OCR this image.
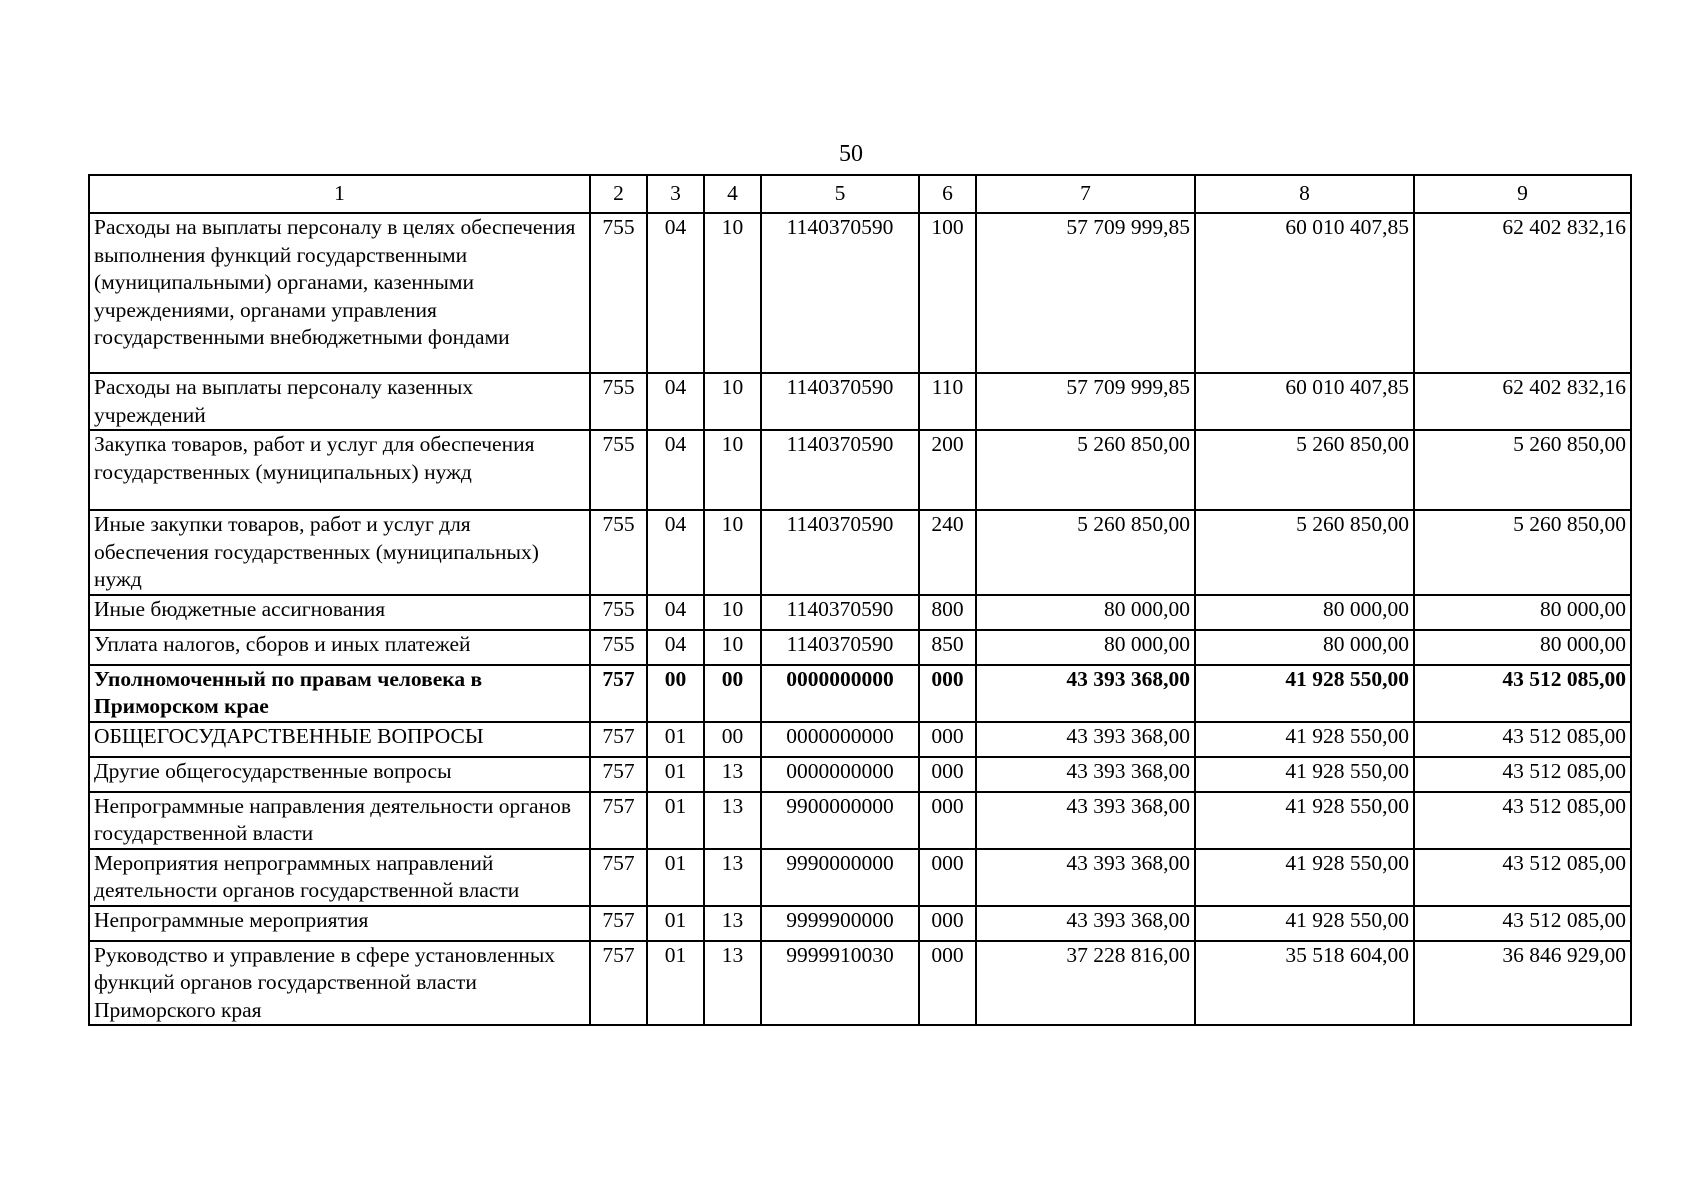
50
1	2	3	4	5	6	7	8	9
Расходы на выплаты персоналу в целях обеспечения выполнения функций государственными (муниципальными) органами, казенными учреждениями, органами управления государственными внебюджетными фондами	755	04	10	1140370590	100	57 709 999,85	60 010 407,85	62 402 832,16
Расходы на выплаты персоналу казенных учреждений	755	04	10	1140370590	110	57 709 999,85	60 010 407,85	62 402 832,16
Закупка товаров, работ и услуг для обеспечения государственных (муниципальных) нужд	755	04	10	1140370590	200	5 260 850,00	5 260 850,00	5 260 850,00
Иные закупки товаров, работ и услуг для обеспечения государственных (муниципальных) нужд	755	04	10	1140370590	240	5 260 850,00	5 260 850,00	5 260 850,00
Иные бюджетные ассигнования	755	04	10	1140370590	800	80 000,00	80 000,00	80 000,00
Уплата налогов, сборов и иных платежей	755	04	10	1140370590	850	80 000,00	80 000,00	80 000,00
Уполномоченный по правам человека в Приморском крае	757	00	00	0000000000	000	43 393 368,00	41 928 550,00	43 512 085,00
ОБЩЕГОСУДАРСТВЕННЫЕ ВОПРОСЫ	757	01	00	0000000000	000	43 393 368,00	41 928 550,00	43 512 085,00
Другие общегосударственные вопросы	757	01	13	0000000000	000	43 393 368,00	41 928 550,00	43 512 085,00
Непрограммные направления деятельности органов государственной власти	757	01	13	9900000000	000	43 393 368,00	41 928 550,00	43 512 085,00
Мероприятия непрограммных направлений деятельности органов государственной власти	757	01	13	9990000000	000	43 393 368,00	41 928 550,00	43 512 085,00
Непрограммные мероприятия	757	01	13	9999900000	000	43 393 368,00	41 928 550,00	43 512 085,00
Руководство и управление в сфере установленных функций органов государственной власти Приморского края	757	01	13	9999910030	000	37 228 816,00	35 518 604,00	36 846 929,00
